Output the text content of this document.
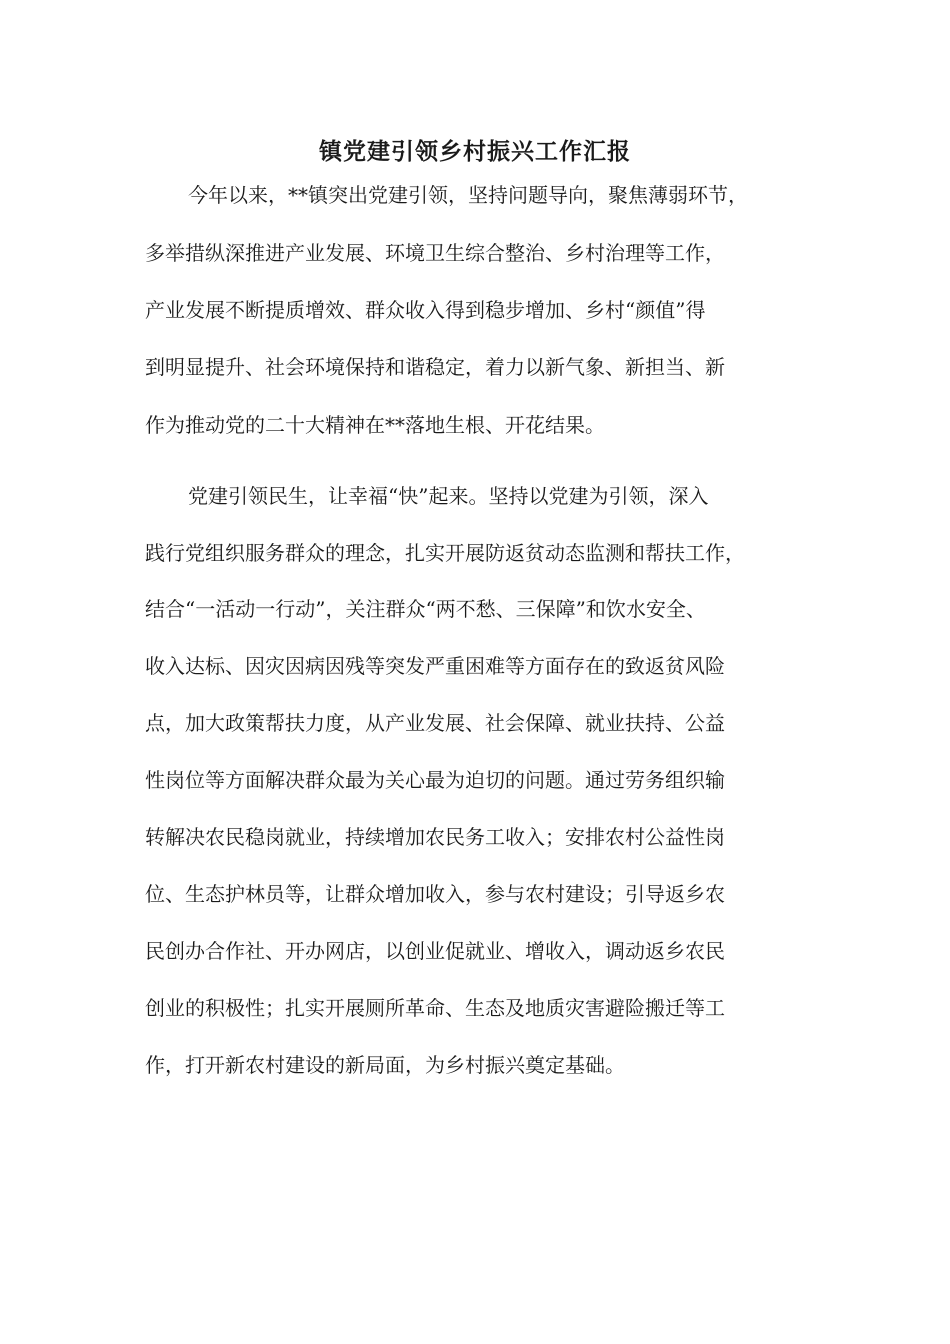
镇党建引领乡村振兴工作汇报

今年以来，**镇突出党建引领，坚持问题导向，聚焦薄弱环节，

多举措纵深推进产业发展、环境卫生综合整治、乡村治理等工作，

产业发展不断提质增效、群众收入得到稳步增加、乡村“颜值”得

到明显提升、社会环境保持和谐稳定，着力以新气象、新担当、新

作为推动党的二十大精神在**落地生根、开花结果。

党建引领民生，让幸福“快”起来。坚持以党建为引领，深入

践行党组织服务群众的理念，扎实开展防返贫动态监测和帮扶工作，

结合“一活动一行动”，关注群众“两不愁、三保障”和饮水安全、

收入达标、因灾因病因残等突发严重困难等方面存在的致返贫风险

点，加大政策帮扶力度，从产业发展、社会保障、就业扶持、公益

性岗位等方面解决群众最为关心最为迫切的问题。通过劳务组织输

转解决农民稳岗就业，持续增加农民务工收入；安排农村公益性岗

位、生态护林员等，让群众增加收入，参与农村建设；引导返乡农

民创办合作社、开办网店，以创业促就业、增收入，调动返乡农民

创业的积极性；扎实开展厕所革命、生态及地质灾害避险搬迁等工

作，打开新农村建设的新局面，为乡村振兴奠定基础。
